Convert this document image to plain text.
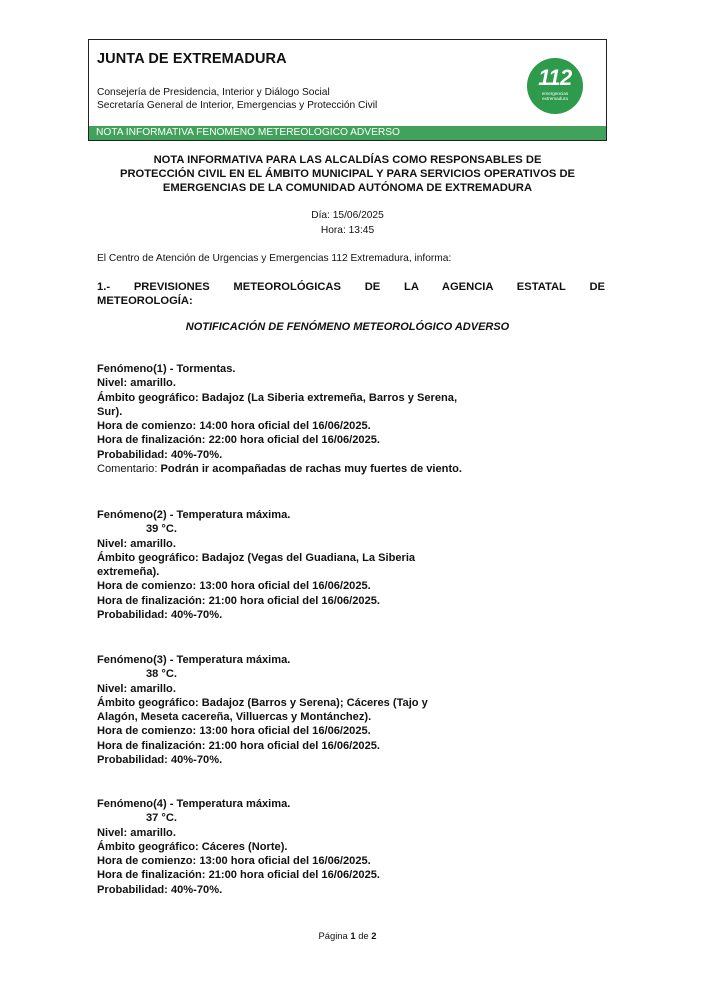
JUNTA DE EXTREMADURA
Consejería de Presidencia, Interior y Diálogo Social
Secretaría General de Interior, Emergencias y Protección Civil
112
emergencias
extremadura
NOTA INFORMATIVA FENOMENO METEREOLOGICO ADVERSO
NOTA INFORMATIVA PARA LAS ALCALDÍAS COMO RESPONSABLES DE
PROTECCIÓN CIVIL EN EL ÁMBITO MUNICIPAL Y PARA SERVICIOS OPERATIVOS DE
EMERGENCIAS DE LA COMUNIDAD AUTÓNOMA DE EXTREMADURA
Día: 15/06/2025
Hora: 13:45
El Centro de Atención de Urgencias y Emergencias 112 Extremadura, informa:
1.- PREVISIONES METEOROLÓGICAS DE LA AGENCIA ESTATAL DE
METEOROLOGÍA:
NOTIFICACIÓN DE FENÓMENO METEOROLÓGICO ADVERSO
Fenómeno(1) - Tormentas.
Nivel: amarillo.
Ámbito geográfico: Badajoz (La Siberia extremeña, Barros y Serena,
Sur).
Hora de comienzo: 14:00 hora oficial del 16/06/2025.
Hora de finalización: 22:00 hora oficial del 16/06/2025.
Probabilidad: 40%-70%.
Comentario: Podrán ir acompañadas de rachas muy fuertes de viento.
Fenómeno(2) - Temperatura máxima.
39 °C.
Nivel: amarillo.
Ámbito geográfico: Badajoz (Vegas del Guadiana, La Siberia
extremeña).
Hora de comienzo: 13:00 hora oficial del 16/06/2025.
Hora de finalización: 21:00 hora oficial del 16/06/2025.
Probabilidad: 40%-70%.
Fenómeno(3) - Temperatura máxima.
38 °C.
Nivel: amarillo.
Ámbito geográfico: Badajoz (Barros y Serena); Cáceres (Tajo y
Alagón, Meseta cacereña, Villuercas y Montánchez).
Hora de comienzo: 13:00 hora oficial del 16/06/2025.
Hora de finalización: 21:00 hora oficial del 16/06/2025.
Probabilidad: 40%-70%.
Fenómeno(4) - Temperatura máxima.
37 °C.
Nivel: amarillo.
Ámbito geográfico: Cáceres (Norte).
Hora de comienzo: 13:00 hora oficial del 16/06/2025.
Hora de finalización: 21:00 hora oficial del 16/06/2025.
Probabilidad: 40%-70%.
Página 1 de 2
